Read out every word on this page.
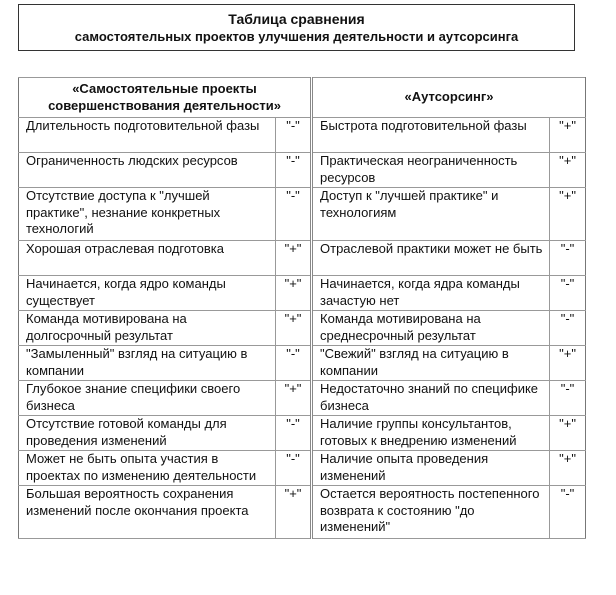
Таблица сравнения
самостоятельных проектов улучшения деятельности и аутсорсинга
«Самостоятельные проекты совершенствования деятельности»		«Аутсорсинг»	
Длительность подготовительной фазы	"-"	Быстрота подготовительной фазы	"+"
Ограниченность людских ресурсов	"-"	Практическая неограниченность ресурсов	"+"
Отсутствие доступа к "лучшей практике", незнание конкретных технологий	"-"	Доступ к "лучшей практике" и технологиям	"+"
Хорошая отраслевая подготовка	"+"	Отраслевой практики может не быть	"-"
Начинается, когда ядро команды существует	"+"	Начинается, когда ядра команды зачастую нет	"-"
Команда мотивирована на долгосрочный результат	"+"	Команда мотивирована на среднесрочный результат	"-"
"Замыленный" взгляд на ситуацию в компании	"-"	"Свежий" взгляд на ситуацию в компании	"+"
Глубокое знание специфики своего бизнеса	"+"	Недостаточно знаний по специфике бизнеса	"-"
Отсутствие готовой команды для проведения изменений	"-"	Наличие группы консультантов, готовых к внедрению изменений	"+"
Может не быть опыта участия в проектах по изменению деятельности	"-"	Наличие опыта проведения изменений	"+"
Большая вероятность сохранения изменений после окончания проекта	"+"	Остается вероятность постепенного возврата к состоянию "до изменений"	"-"
